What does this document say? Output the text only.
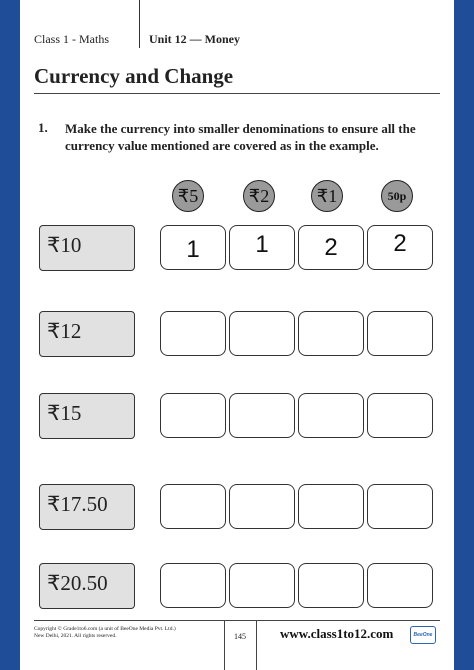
Class 1 - Maths	Unit 12 — Money
Currency and Change
1. Make the currency into smaller denominations to ensure all the currency value mentioned are covered as in the example.
₹5	₹2	₹1	50p
₹10	1	1	2	2
₹12
₹15
₹17.50
₹20.50
Copyright © Grade1to6.com (a unit of BeeOne Media Pvt. Ltd.)
New Delhi, 2021. All rights reserved.	145	www.class1to12.com	BeeOne
